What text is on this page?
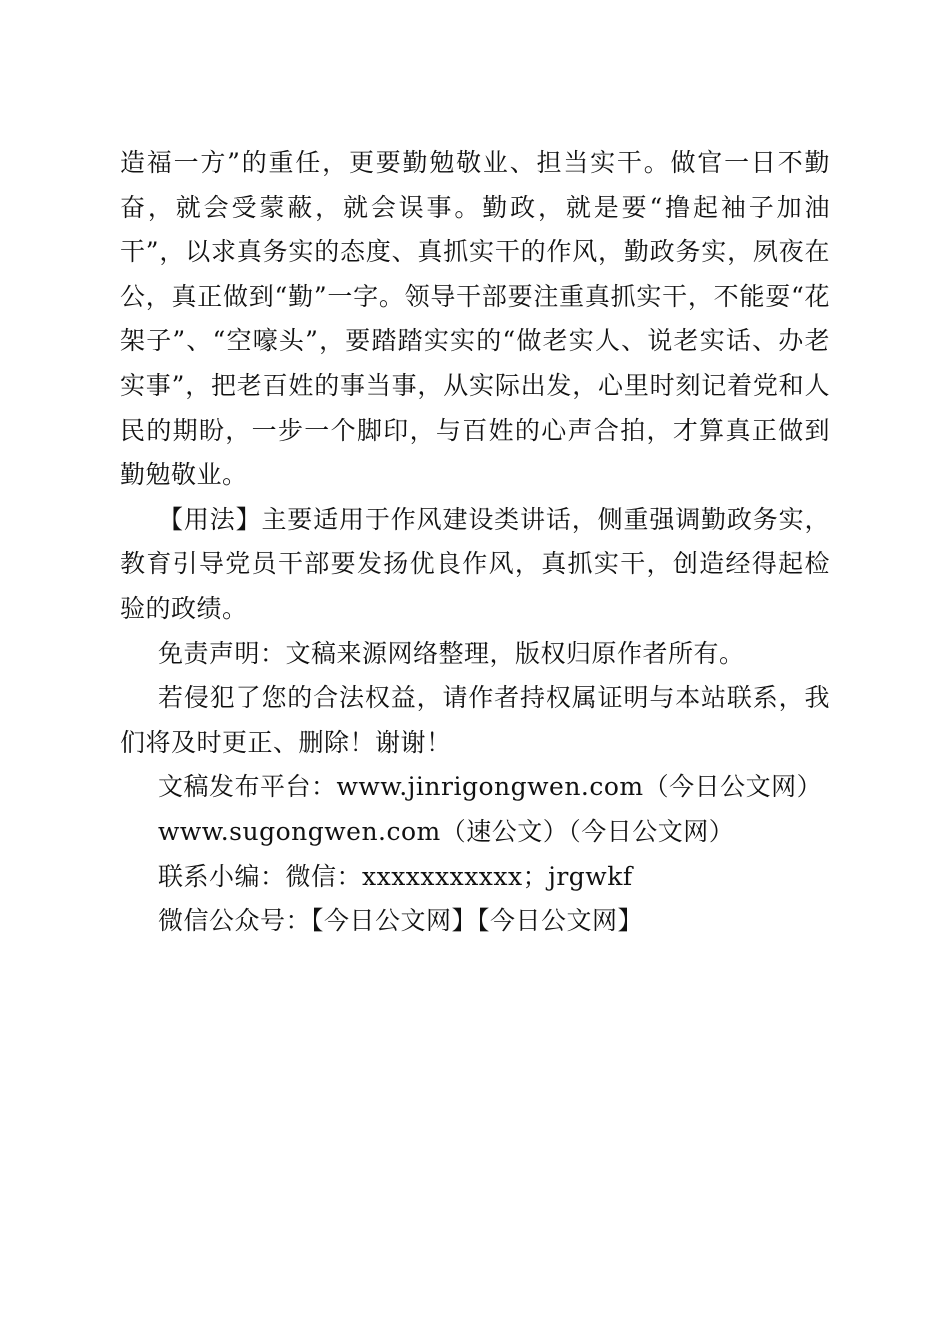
造福一方”的重任，更要勤勉敬业、担当实干。做官一日不勤奋，就会受蒙蔽，就会误事。勤政，就是要“撸起袖子加油干”，以求真务实的态度、真抓实干的作风，勤政务实，夙夜在公，真正做到“勤”一字。领导干部要注重真抓实干，不能耍“花架子”、“空嚎头”，要踏踏实实的“做老实人、说老实话、办老实事”，把老百姓的事当事，从实际出发，心里时刻记着党和人民的期盼，一步一个脚印，与百姓的心声合拍，才算真正做到勤勉敬业。

【用法】主要适用于作风建设类讲话，侧重强调勤政务实，教育引导党员干部要发扬优良作风，真抓实干，创造经得起检验的政绩。

免责声明：文稿来源网络整理，版权归原作者所有。

若侵犯了您的合法权益，请作者持权属证明与本站联系，我们将及时更正、删除！谢谢！

文稿发布平台：www.jinrigongwen.com（今日公文网）

www.sugongwen.com（速公文）（今日公文网）

联系小编：微信：xxxxxxxxxxx；jrgwkf

微信公众号：【今日公文网】【今日公文网】
